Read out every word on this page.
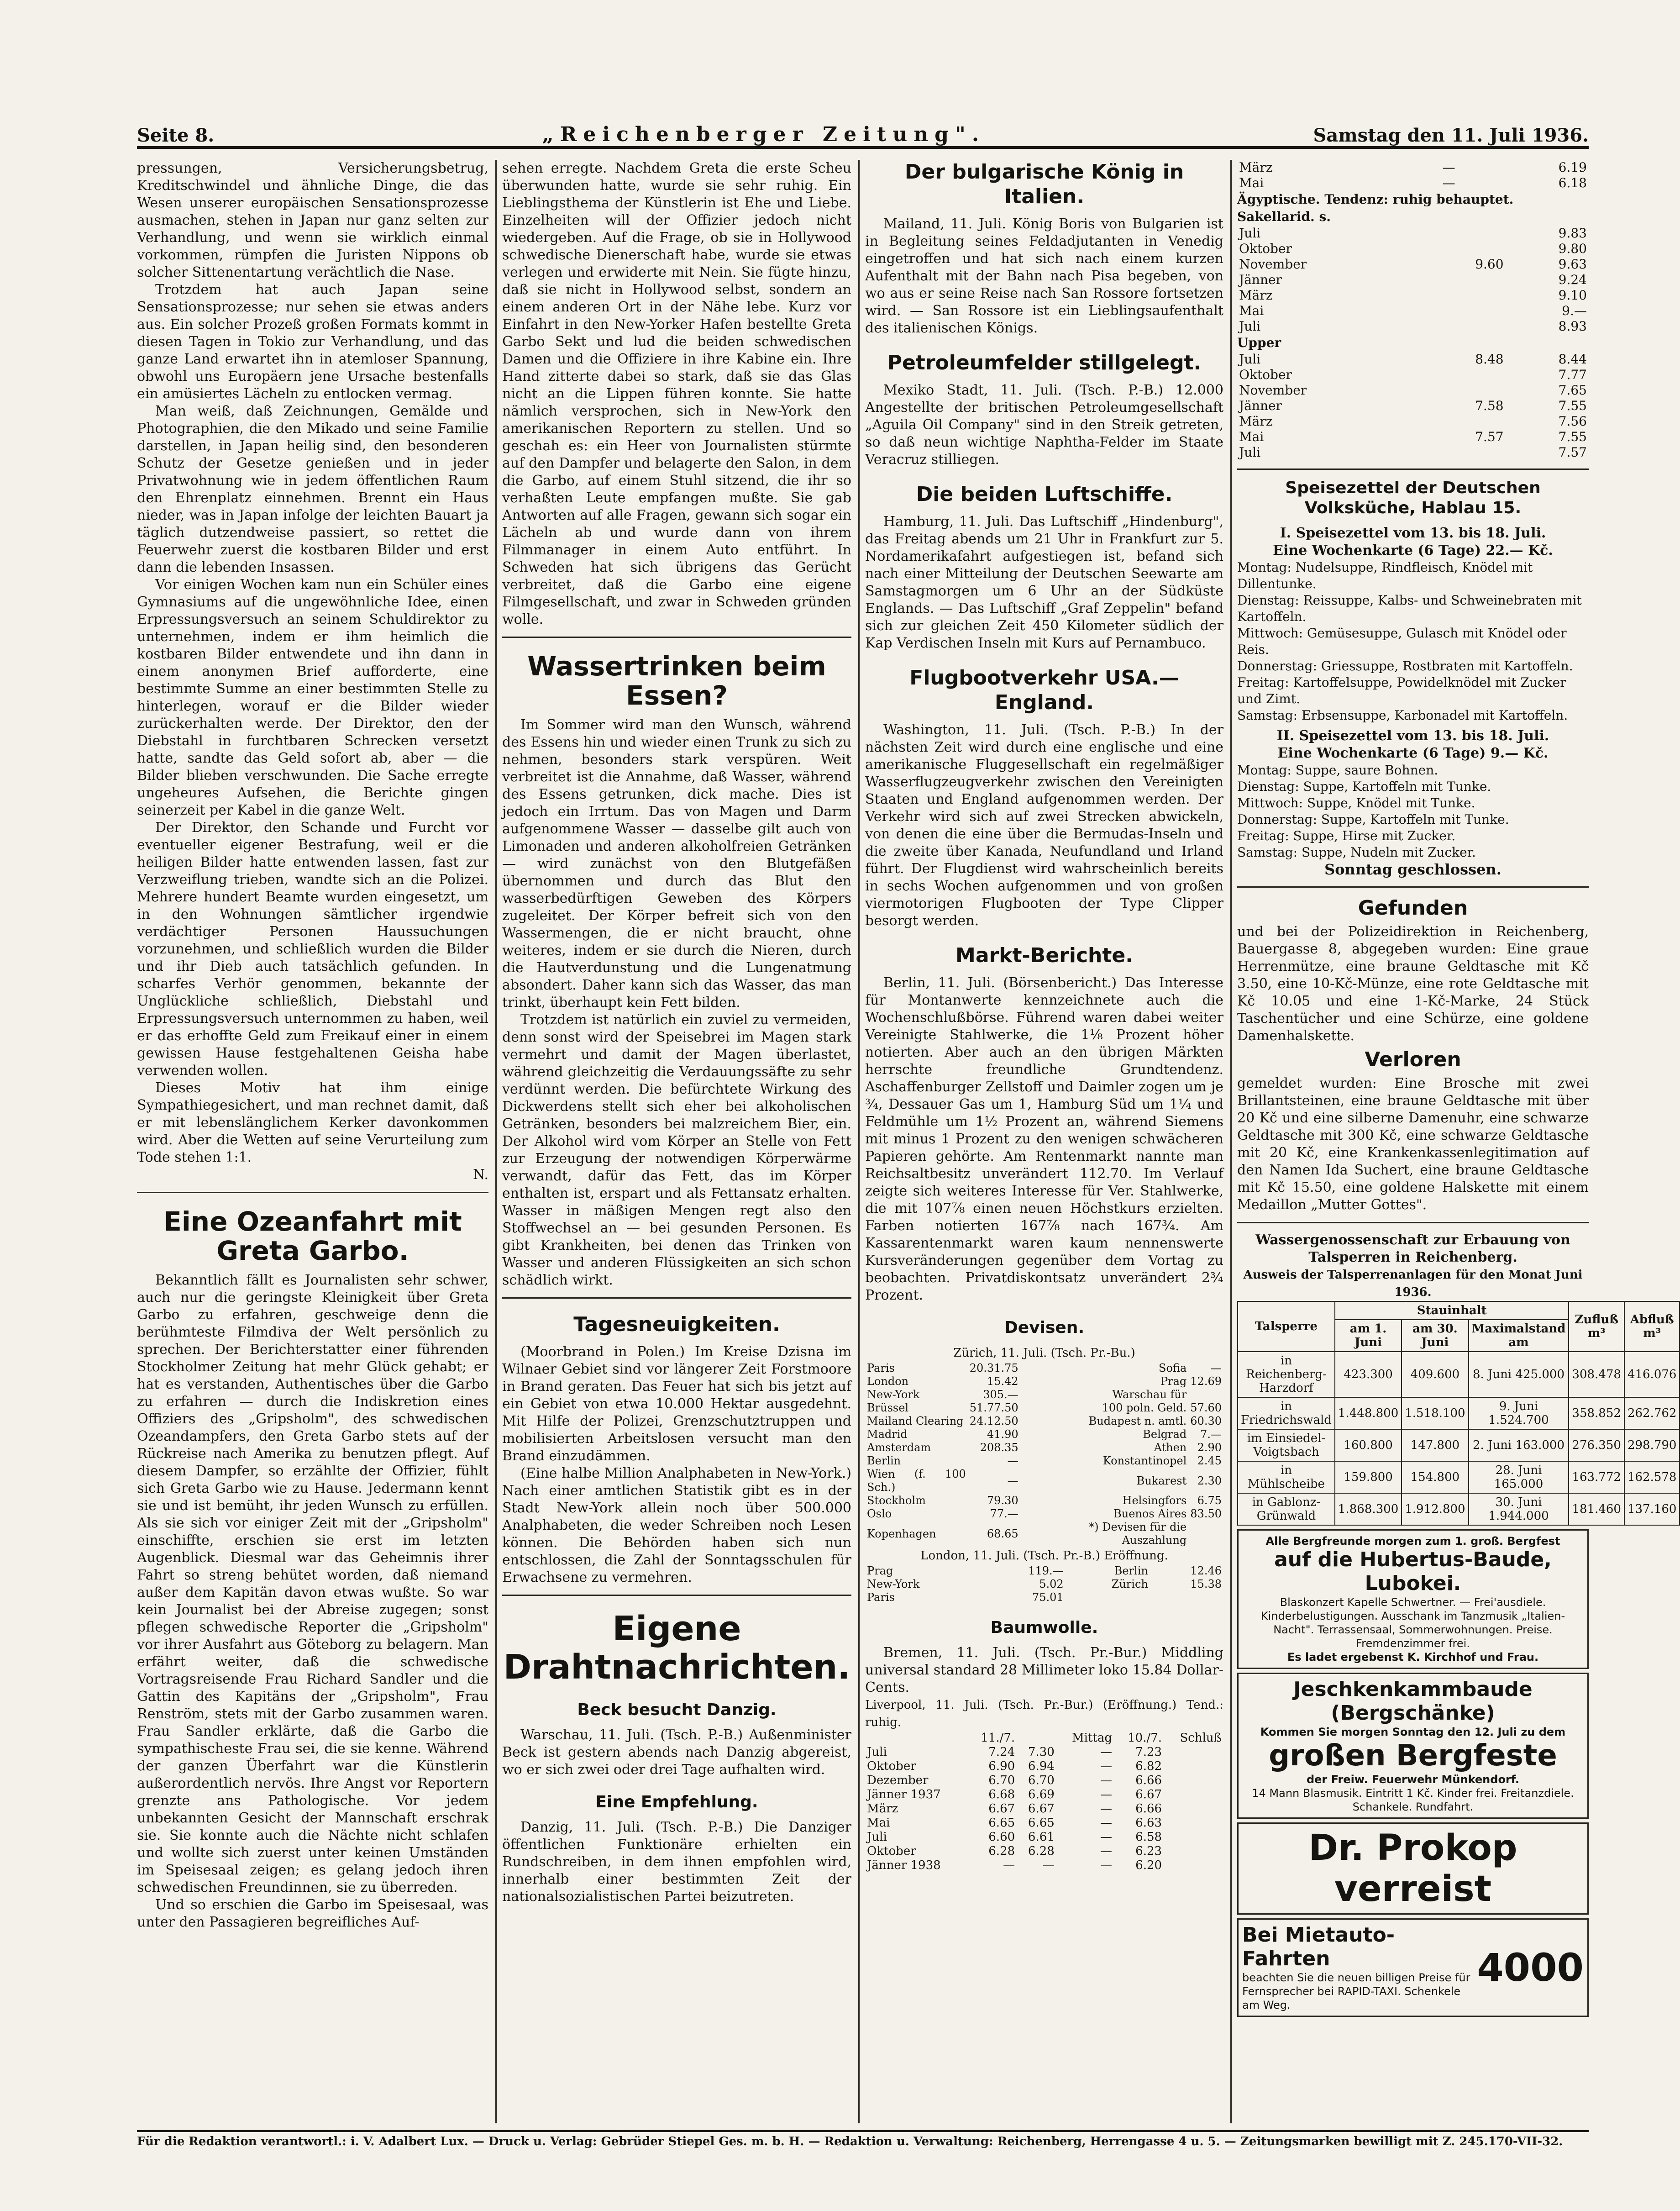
Seite 8.	„Reichenberger Zeitung".	Samstag den 11. Juli 1936.

pressungen, Versicherungsbetrug, Kreditschwindel und ähnliche Dinge, die das Wesen unserer europäischen Sensationsprozesse ausmachen, stehen in Japan nur ganz selten zur Verhandlung, und wenn sie wirklich einmal vorkommen, rümpfen die Juristen Nippons ob solcher Sittenentartung verächtlich die Nase.

Trotzdem hat auch Japan seine Sensationsprozesse; nur sehen sie etwas anders aus. Ein solcher Prozeß großen Formats kommt in diesen Tagen in Tokio zur Verhandlung, und das ganze Land erwartet ihn in atemloser Spannung, obwohl uns Europäern jene Ursache bestenfalls ein amüsiertes Lächeln zu entlocken vermag.

Man weiß, daß Zeichnungen, Gemälde und Photographien, die den Mikado und seine Familie darstellen, in Japan heilig sind, den besonderen Schutz der Gesetze genießen und in jeder Privatwohnung wie in jedem öffentlichen Raum den Ehrenplatz einnehmen. Brennt ein Haus nieder, was in Japan infolge der leichten Bauart ja täglich dutzendweise passiert, so rettet die Feuerwehr zuerst die kostbaren Bilder und erst dann die lebenden Insassen.

Vor einigen Wochen kam nun ein Schüler eines Gymnasiums auf die ungewöhnliche Idee, einen Erpressungsversuch an seinem Schuldirektor zu unternehmen, indem er ihm heimlich die kostbaren Bilder entwendete und ihn dann in einem anonymen Brief aufforderte, eine bestimmte Summe an einer bestimmten Stelle zu hinterlegen, worauf er die Bilder wieder zurückerhalten werde. Der Direktor, den der Diebstahl in furchtbaren Schrecken versetzt hatte, sandte das Geld sofort ab, aber — die Bilder blieben verschwunden. Die Sache erregte ungeheures Aufsehen, die Berichte gingen seinerzeit per Kabel in die ganze Welt.

Der Direktor, den Schande und Furcht vor eventueller eigener Bestrafung, weil er die heiligen Bilder hatte entwenden lassen, fast zur Verzweiflung trieben, wandte sich an die Polizei. Mehrere hundert Beamte wurden eingesetzt, um in den Wohnungen sämtlicher irgendwie verdächtiger Personen Haussuchungen vorzunehmen, und schließlich wurden die Bilder und ihr Dieb auch tatsächlich gefunden. In scharfes Verhör genommen, bekannte der Unglückliche schließlich, Diebstahl und Erpressungsversuch unternommen zu haben, weil er das erhoffte Geld zum Freikauf einer in einem gewissen Hause festgehaltenen Geisha habe verwenden wollen.

Dieses Motiv hat ihm einige Sympathiegesichert, und man rechnet damit, daß er mit lebenslänglichem Kerker davonkommen wird. Aber die Wetten auf seine Verurteilung zum Tode stehen 1:1.

N.

Eine Ozeanfahrt mit Greta Garbo.

Bekanntlich fällt es Journalisten sehr schwer, auch nur die geringste Kleinigkeit über Greta Garbo zu erfahren, geschweige denn die berühmteste Filmdiva der Welt persönlich zu sprechen. Der Berichterstatter einer führenden Stockholmer Zeitung hat mehr Glück gehabt; er hat es verstanden, Authentisches über die Garbo zu erfahren — durch die Indiskretion eines Offiziers des „Gripsholm", des schwedischen Ozeandampfers, den Greta Garbo stets auf der Rückreise nach Amerika zu benutzen pflegt. Auf diesem Dampfer, so erzählte der Offizier, fühlt sich Greta Garbo wie zu Hause. Jedermann kennt sie und ist bemüht, ihr jeden Wunsch zu erfüllen. Als sie sich vor einiger Zeit mit der „Gripsholm" einschiffte, erschien sie erst im letzten Augenblick. Diesmal war das Geheimnis ihrer Fahrt so streng behütet worden, daß niemand außer dem Kapitän davon etwas wußte. So war kein Journalist bei der Abreise zugegen; sonst pflegen schwedische Reporter die „Gripsholm" vor ihrer Ausfahrt aus Göteborg zu belagern. Man erfährt weiter, daß die schwedische Vortragsreisende Frau Richard Sandler und die Gattin des Kapitäns der „Gripsholm", Frau Renström, stets mit der Garbo zusammen waren. Frau Sandler erklärte, daß die Garbo die sympathischeste Frau sei, die sie kenne. Während der ganzen Überfahrt war die Künstlerin außerordentlich nervös. Ihre Angst vor Reportern grenzte ans Pathologische. Vor jedem unbekannten Gesicht der Mannschaft erschrak sie. Sie konnte auch die Nächte nicht schlafen und wollte sich zuerst unter keinen Umständen im Speisesaal zeigen; es gelang jedoch ihren schwedischen Freundinnen, sie zu überreden.

Und so erschien die Garbo im Speisesaal, was unter den Passagieren begreifliches Auf-

sehen erregte. Nachdem Greta die erste Scheu überwunden hatte, wurde sie sehr ruhig. Ein Lieblingsthema der Künstlerin ist Ehe und Liebe. Einzelheiten will der Offizier jedoch nicht wiedergeben. Auf die Frage, ob sie in Hollywood schwedische Dienerschaft habe, wurde sie etwas verlegen und erwiderte mit Nein. Sie fügte hinzu, daß sie nicht in Hollywood selbst, sondern an einem anderen Ort in der Nähe lebe. Kurz vor Einfahrt in den New-Yorker Hafen bestellte Greta Garbo Sekt und lud die beiden schwedischen Damen und die Offiziere in ihre Kabine ein. Ihre Hand zitterte dabei so stark, daß sie das Glas nicht an die Lippen führen konnte. Sie hatte nämlich versprochen, sich in New-York den amerikanischen Reportern zu stellen. Und so geschah es: ein Heer von Journalisten stürmte auf den Dampfer und belagerte den Salon, in dem die Garbo, auf einem Stuhl sitzend, die ihr so verhaßten Leute empfangen mußte. Sie gab Antworten auf alle Fragen, gewann sich sogar ein Lächeln ab und wurde dann von ihrem Filmmanager in einem Auto entführt. In Schweden hat sich übrigens das Gerücht verbreitet, daß die Garbo eine eigene Filmgesellschaft, und zwar in Schweden gründen wolle.

Wassertrinken beim Essen?

Im Sommer wird man den Wunsch, während des Essens hin und wieder einen Trunk zu sich zu nehmen, besonders stark verspüren. Weit verbreitet ist die Annahme, daß Wasser, während des Essens getrunken, dick mache. Dies ist jedoch ein Irrtum. Das von Magen und Darm aufgenommene Wasser — dasselbe gilt auch von Limonaden und anderen alkoholfreien Getränken — wird zunächst von den Blutgefäßen übernommen und durch das Blut den wasserbedürftigen Geweben des Körpers zugeleitet. Der Körper befreit sich von den Wassermengen, die er nicht braucht, ohne weiteres, indem er sie durch die Nieren, durch die Hautverdunstung und die Lungenatmung absondert. Daher kann sich das Wasser, das man trinkt, überhaupt kein Fett bilden.

Trotzdem ist natürlich ein zuviel zu vermeiden, denn sonst wird der Speisebrei im Magen stark vermehrt und damit der Magen überlastet, während gleichzeitig die Verdauungssäfte zu sehr verdünnt werden. Die befürchtete Wirkung des Dickwerdens stellt sich eher bei alkoholischen Getränken, besonders bei malzreichem Bier, ein. Der Alkohol wird vom Körper an Stelle von Fett zur Erzeugung der notwendigen Körperwärme verwandt, dafür das Fett, das im Körper enthalten ist, erspart und als Fettansatz erhalten. Wasser in mäßigen Mengen regt also den Stoffwechsel an — bei gesunden Personen. Es gibt Krankheiten, bei denen das Trinken von Wasser und anderen Flüssigkeiten an sich schon schädlich wirkt.

Tagesneuigkeiten.

(Moorbrand in Polen.) Im Kreise Dzisna im Wilnaer Gebiet sind vor längerer Zeit Forstmoore in Brand geraten. Das Feuer hat sich bis jetzt auf ein Gebiet von etwa 10.000 Hektar ausgedehnt. Mit Hilfe der Polizei, Grenzschutztruppen und mobilisierten Arbeitslosen versucht man den Brand einzudämmen.

(Eine halbe Million Analphabeten in New-York.) Nach einer amtlichen Statistik gibt es in der Stadt New-York allein noch über 500.000 Analphabeten, die weder Schreiben noch Lesen können. Die Behörden haben sich nun entschlossen, die Zahl der Sonntagsschulen für Erwachsene zu vermehren.

Eigene Drahtnachrichten.
Beck besucht Danzig.

Warschau, 11. Juli. (Tsch. P.-B.) Außenminister Beck ist gestern abends nach Danzig abgereist, wo er sich zwei oder drei Tage aufhalten wird.

Eine Empfehlung.

Danzig, 11. Juli. (Tsch. P.-B.) Die Danziger öffentlichen Funktionäre erhielten ein Rundschreiben, in dem ihnen empfohlen wird, innerhalb einer bestimmten Zeit der nationalsozialistischen Partei beizutreten.

Der bulgarische König in Italien.

Mailand, 11. Juli. König Boris von Bulgarien ist in Begleitung seines Feldadjutanten in Venedig eingetroffen und hat sich nach einem kurzen Aufenthalt mit der Bahn nach Pisa begeben, von wo aus er seine Reise nach San Rossore fortsetzen wird. — San Rossore ist ein Lieblingsaufenthalt des italienischen Königs.

Petroleumfelder stillgelegt.

Mexiko Stadt, 11. Juli. (Tsch. P.-B.) 12.000 Angestellte der britischen Petroleumgesellschaft „Aguila Oil Company" sind in den Streik getreten, so daß neun wichtige Naphtha-Felder im Staate Veracruz stilliegen.

Die beiden Luftschiffe.

Hamburg, 11. Juli. Das Luftschiff „Hindenburg", das Freitag abends um 21 Uhr in Frankfurt zur 5. Nordamerikafahrt aufgestiegen ist, befand sich nach einer Mitteilung der Deutschen Seewarte am Samstagmorgen um 6 Uhr an der Südküste Englands. — Das Luftschiff „Graf Zeppelin" befand sich zur gleichen Zeit 450 Kilometer südlich der Kap Verdischen Inseln mit Kurs auf Pernambuco.

Flugbootverkehr USA.—England.

Washington, 11. Juli. (Tsch. P.-B.) In der nächsten Zeit wird durch eine englische und eine amerikanische Fluggesellschaft ein regelmäßiger Wasserflugzeugverkehr zwischen den Vereinigten Staaten und England aufgenommen werden. Der Verkehr wird sich auf zwei Strecken abwickeln, von denen die eine über die Bermudas-Inseln und die zweite über Kanada, Neufundland und Irland führt. Der Flugdienst wird wahrscheinlich bereits in sechs Wochen aufgenommen und von großen viermotorigen Flugbooten der Type Clipper besorgt werden.

Markt-Berichte.

Berlin, 11. Juli. (Börsenbericht.) Das Interesse für Montanwerte kennzeichnete auch die Wochenschlußbörse. Führend waren dabei weiter Vereinigte Stahlwerke, die 1⅛ Prozent höher notierten. Aber auch an den übrigen Märkten herrschte freundliche Grundtendenz. Aschaffenburger Zellstoff und Daimler zogen um je ¾, Dessauer Gas um 1, Hamburg Süd um 1¼ und Feldmühle um 1½ Prozent an, während Siemens mit minus 1 Prozent zu den wenigen schwächeren Papieren gehörte. Am Rentenmarkt nannte man Reichsaltbesitz unverändert 112.70. Im Verlauf zeigte sich weiteres Interesse für Ver. Stahlwerke, die mit 107⅞ einen neuen Höchstkurs erzielten. Farben notierten 167⅞ nach 167¾. Am Kassarentenmarkt waren kaum nennenswerte Kursveränderungen gegenüber dem Vortag zu beobachten. Privatdiskontsatz unverändert 2¾ Prozent.

Devisen.
Zürich, 11. Juli. (Tsch. Pr.-Bu.)
Paris	20.31.75	Sofia	—
London	15.42	Prag	12.69
New-York	305.—	Warschau für	
Brüssel	51.77.50	100 poln. Geld.	57.60
Mailand Clearing	24.12.50	Budapest n. amtl.	60.30
Madrid	41.90	Belgrad	7.—
Amsterdam	208.35	Athen	2.90
Berlin	—	Konstantinopel	2.45
Wien (f. 100 Sch.)	—	Bukarest	2.30
Stockholm	79.30	Helsingfors	6.75
Oslo	77.—	Buenos Aires	83.50
Kopenhagen	68.65	*) Devisen für die Auszahlung	
London, 11. Juli. (Tsch. Pr.-B.) Eröffnung.
Prag	119.—	Berlin	12.46
New-York	5.02	Zürich	15.38
Paris	75.01		
Baumwolle.

Bremen, 11. Juli. (Tsch. Pr.-Bur.) Middling universal standard 28 Millimeter loko 15.84 Dollar-Cents.

Liverpool, 11. Juli. (Tsch. Pr.-Bur.) (Eröffnung.) Tend.: ruhig.
	11./7.		Mittag	10./7.	Schluß
Juli	7.24	7.30	—	7.23	
Oktober	6.90	6.94	—	6.82	
Dezember	6.70	6.70	—	6.66	
Jänner 1937	6.68	6.69	—	6.67	
März	6.67	6.67	—	6.66	
Mai	6.65	6.65	—	6.63	
Juli	6.60	6.61	—	6.58	
Oktober	6.28	6.28	—	6.23	
Jänner 1938	—	—	—	6.20	
März	—	6.19
Mai	—	6.18
Ägyptische. Tendenz: ruhig behauptet.
Sakellarid. s.
Juli		9.83
Oktober		9.80
November	9.60	9.63
Jänner		9.24
März		9.10
Mai		9.—
Juli		8.93
Upper
Juli	8.48	8.44
Oktober		7.77
November		7.65
Jänner	7.58	7.55
März		7.56
Mai	7.57	7.55
Juli		7.57
Speisezettel der Deutschen Volksküche, Hablau 15.
I. Speisezettel vom 13. bis 18. Juli.
Eine Wochenkarte (6 Tage) 22.— Kč.

Montag: Nudelsuppe, Rindfleisch, Knödel mit Dillentunke.

Dienstag: Reissuppe, Kalbs- und Schweinebraten mit Kartoffeln.

Mittwoch: Gemüsesuppe, Gulasch mit Knödel oder Reis.

Donnerstag: Griessuppe, Rostbraten mit Kartoffeln.

Freitag: Kartoffelsuppe, Powidelknödel mit Zucker und Zimt.

Samstag: Erbsensuppe, Karbonadel mit Kartoffeln.

II. Speisezettel vom 13. bis 18. Juli.
Eine Wochenkarte (6 Tage) 9.— Kč.

Montag: Suppe, saure Bohnen.

Dienstag: Suppe, Kartoffeln mit Tunke.

Mittwoch: Suppe, Knödel mit Tunke.

Donnerstag: Suppe, Kartoffeln mit Tunke.

Freitag: Suppe, Hirse mit Zucker.

Samstag: Suppe, Nudeln mit Zucker.

Sonntag geschlossen.
Gefunden

und bei der Polizeidirektion in Reichenberg, Bauergasse 8, abgegeben wurden: Eine graue Herrenmütze, eine braune Geldtasche mit Kč 3.50, eine 10-Kč-Münze, eine rote Geldtasche mit Kč 10.05 und eine 1-Kč-Marke, 24 Stück Taschentücher und eine Schürze, eine goldene Damenhalskette.

Verloren

gemeldet wurden: Eine Brosche mit zwei Brillantsteinen, eine braune Geldtasche mit über 20 Kč und eine silberne Damenuhr, eine schwarze Geldtasche mit 300 Kč, eine schwarze Geldtasche mit 20 Kč, eine Krankenkassenlegitimation auf den Namen Ida Suchert, eine braune Geldtasche mit Kč 15.50, eine goldene Halskette mit einem Medaillon „Mutter Gottes".

Wassergenossenschaft zur Erbauung von Talsperren in Reichenberg.
Ausweis der Talsperrenanlagen für den Monat Juni 1936.
Talsperre	Stauinhalt			Zufluß m³	Abfluß m³
	am 1. Juni	am 30. Juni	Maximalstand am		
in Reichenberg-Harzdorf	423.300	409.600	8. Juni 425.000	308.478	416.076
in Friedrichswald	1.448.800	1.518.100	9. Juni 1.524.700	358.852	262.762
im Einsiedel-Voigtsbach	160.800	147.800	2. Juni 163.000	276.350	298.790
in Mühlscheibe	159.800	154.800	28. Juni 165.000	163.772	162.578
in Gablonz-Grünwald	1.868.300	1.912.800	30. Juni 1.944.000	181.460	137.160
Alle Bergfreunde morgen zum 1. groß. Bergfest
auf die Hubertus-Baude, Lubokei.
Blaskonzert Kapelle Schwertner. — Frei'ausdiele. Kinderbelustigungen. Ausschank im Tanzmusik „Italien-Nacht". Terrassensaal, Sommerwohnungen. Preise. Fremdenzimmer frei.
Es ladet ergebenst K. Kirchhof und Frau.
Jeschkenkammbaude (Bergschänke)
Kommen Sie morgen Sonntag den 12. Juli zu dem
großen Bergfeste
der Freiw. Feuerwehr Münkendorf.
14 Mann Blasmusik. Eintritt 1 Kč. Kinder frei. Freitanzdiele. Schankele. Rundfahrt.
Dr. Prokop verreist
Bei Mietauto-Fahrten
beachten Sie die neuen billigen Preise für Fernsprecher bei RAPID-TAXI. Schenkele am Weg.
4000
Für die Redaktion verantwortl.: i. V. Adalbert Lux. — Druck u. Verlag: Gebrüder Stiepel Ges. m. b. H. — Redaktion u. Verwaltung: Reichenberg, Herrengasse 4 u. 5. — Zeitungsmarken bewilligt mit Z. 245.170-VII-32.
